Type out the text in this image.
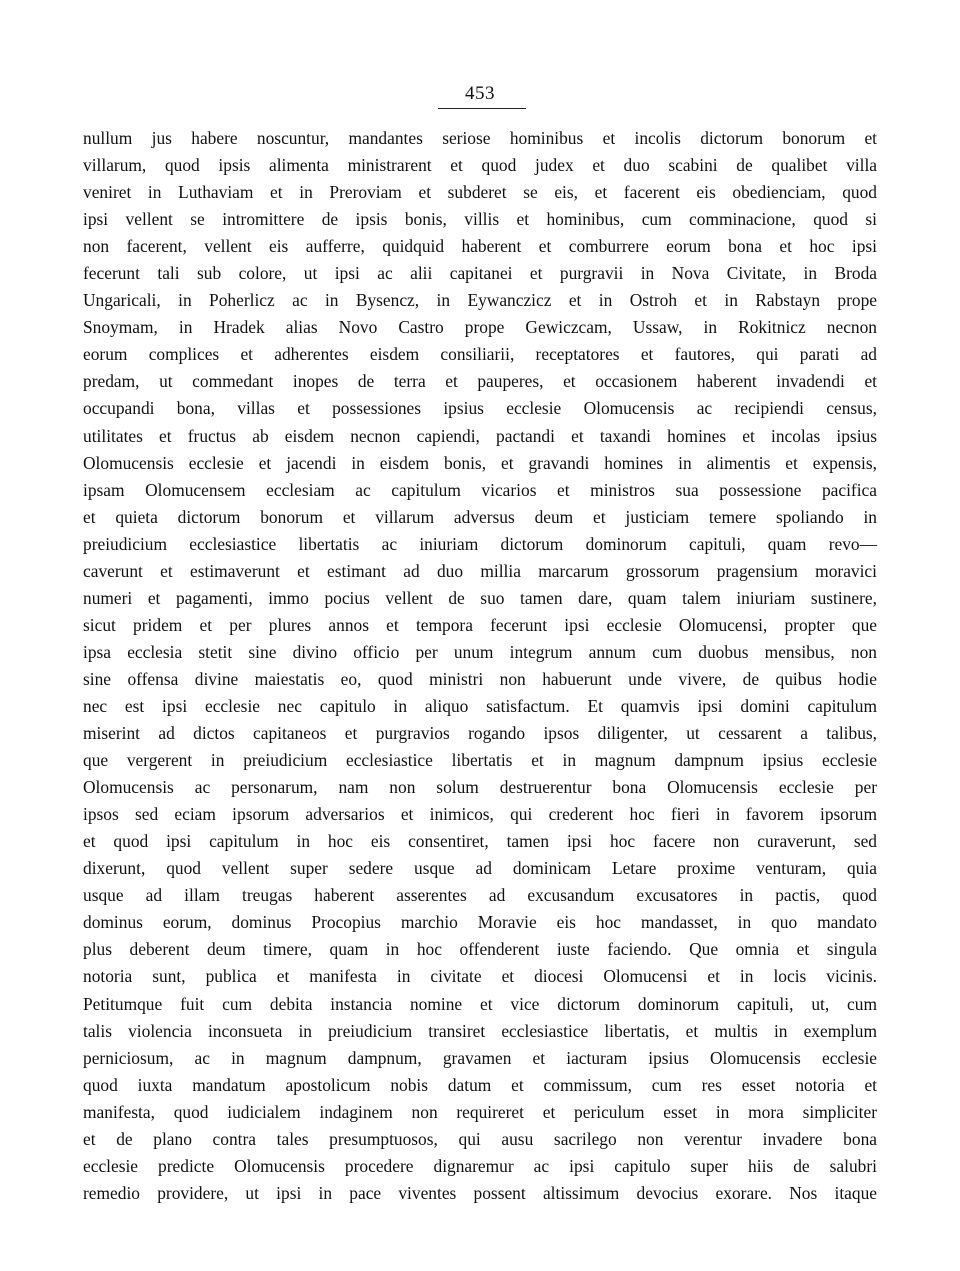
453
nullum jus habere noscuntur, mandantes seriose hominibus et incolis dictorum bonorum et
villarum, quod ipsis alimenta ministrarent et quod judex et duo scabini de qualibet villa
veniret in Luthaviam et in Preroviam et subderet se eis, et facerent eis obedienciam, quod
ipsi vellent se intromittere de ipsis bonis, villis et hominibus, cum comminacione, quod si
non facerent, vellent eis aufferre, quidquid haberent et comburrere eorum bona et hoc ipsi
fecerunt tali sub colore, ut ipsi ac alii capitanei et purgravii in Nova Civitate, in Broda
Ungaricali, in Poherlicz ac in Bysencz, in Eywanczicz et in Ostroh et in Rabstayn prope
Snoymam, in Hradek alias Novo Castro prope Gewiczcam, Ussaw, in Rokitnicz necnon
eorum complices et adherentes eisdem consiliarii, receptatores et fautores, qui parati ad
predam, ut commedant inopes de terra et pauperes, et occasionem haberent invadendi et
occupandi bona, villas et possessiones ipsius ecclesie Olomucensis ac recipiendi census,
utilitates et fructus ab eisdem necnon capiendi, pactandi et taxandi homines et incolas ipsius
Olomucensis ecclesie et jacendi in eisdem bonis, et gravandi homines in alimentis et expensis,
ipsam Olomucensem ecclesiam ac capitulum vicarios et ministros sua possessione pacifica
et quieta dictorum bonorum et villarum adversus deum et justiciam temere spoliando in
preiudicium ecclesiastice libertatis ac iniuriam dictorum dominorum capituli, quam revo—
caverunt et estimaverunt et estimant ad duo millia marcarum grossorum pragensium moravici
numeri et pagamenti, immo pocius vellent de suo tamen dare, quam talem iniuriam sustinere,
sicut pridem et per plures annos et tempora fecerunt ipsi ecclesie Olomucensi, propter que
ipsa ecclesia stetit sine divino officio per unum integrum annum cum duobus mensibus, non
sine offensa divine maiestatis eo, quod ministri non habuerunt unde vivere, de quibus hodie
nec est ipsi ecclesie nec capitulo in aliquo satisfactum. Et quamvis ipsi domini capitulum
miserint ad dictos capitaneos et purgravios rogando ipsos diligenter, ut cessarent a talibus,
que vergerent in preiudicium ecclesiastice libertatis et in magnum dampnum ipsius ecclesie
Olomucensis ac personarum, nam non solum destruerentur bona Olomucensis ecclesie per
ipsos sed eciam ipsorum adversarios et inimicos, qui crederent hoc fieri in favorem ipsorum
et quod ipsi capitulum in hoc eis consentiret, tamen ipsi hoc facere non curaverunt, sed
dixerunt, quod vellent super sedere usque ad dominicam Letare proxime venturam, quia
usque ad illam treugas haberent asserentes ad excusandum excusatores in pactis, quod
dominus eorum, dominus Procopius marchio Moravie eis hoc mandasset, in quo mandato
plus deberent deum timere, quam in hoc offenderent iuste faciendo. Que omnia et singula
notoria sunt, publica et manifesta in civitate et diocesi Olomucensi et in locis vicinis.
Petitumque fuit cum debita instancia nomine et vice dictorum dominorum capituli, ut, cum
talis violencia inconsueta in preiudicium transiret ecclesiastice libertatis, et multis in exemplum
perniciosum, ac in magnum dampnum, gravamen et iacturam ipsius Olomucensis ecclesie
quod iuxta mandatum apostolicum nobis datum et commissum, cum res esset notoria et
manifesta, quod iudicialem indaginem non requireret et periculum esset in mora simpliciter
et de plano contra tales presumptuosos, qui ausu sacrilego non verentur invadere bona
ecclesie predicte Olomucensis procedere dignaremur ac ipsi capitulo super hiis de salubri
remedio providere, ut ipsi in pace viventes possent altissimum devocius exorare. Nos itaque
